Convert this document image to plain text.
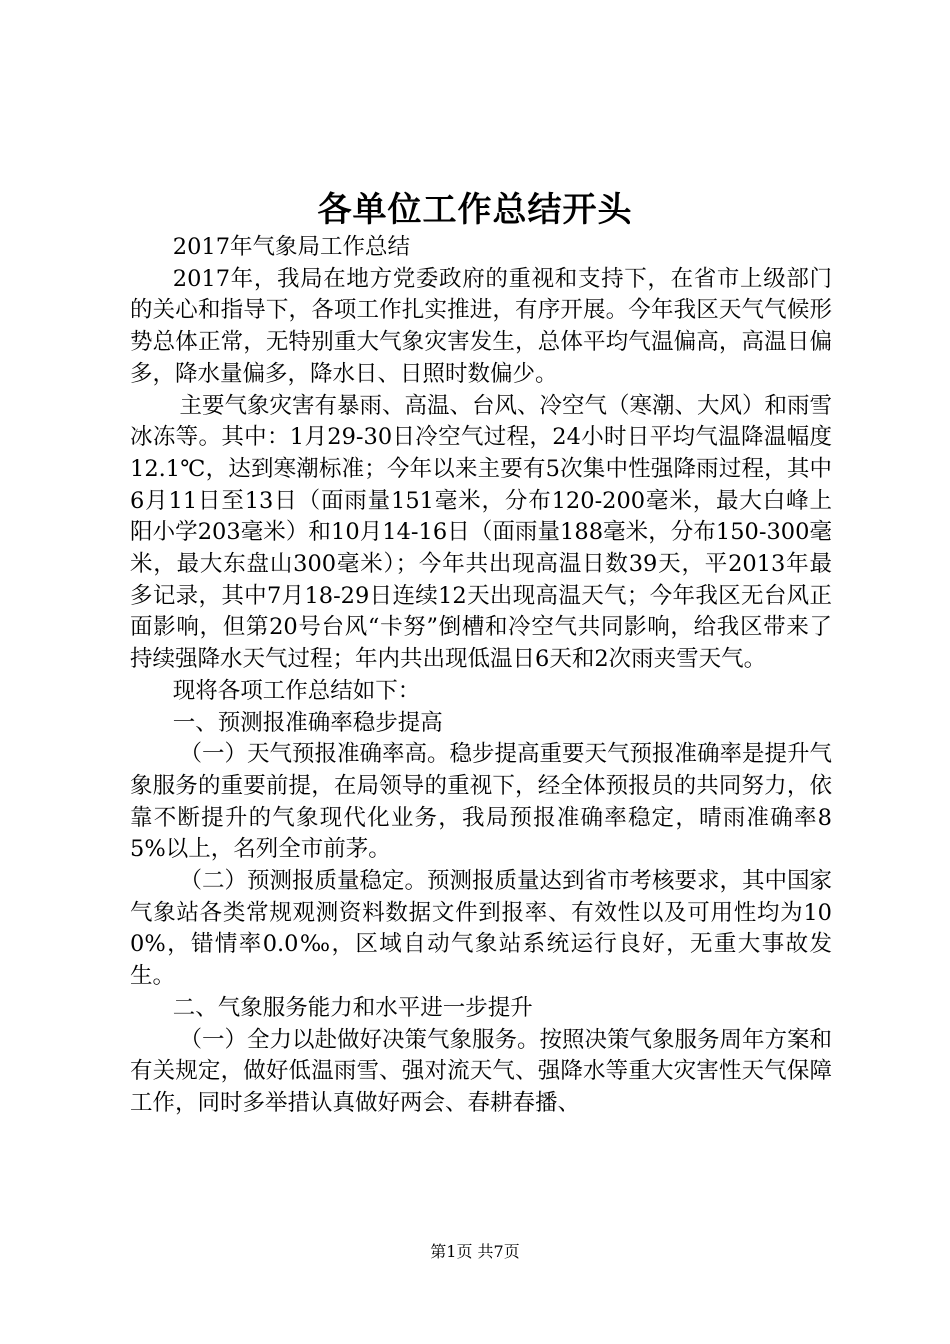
各单位工作总结开头

2017年气象局工作总结

2017年，我局在地方党委政府的重视和支持下，在省市上级部门的关心和指导下，各项工作扎实推进，有序开展。今年我区天气气候形势总体正常，无特别重大气象灾害发生，总体平均气温偏高，高温日偏多，降水量偏多，降水日、日照时数偏少。

主要气象灾害有暴雨、高温、台风、冷空气（寒潮、大风）和雨雪冰冻等。其中：1月29-30日冷空气过程，24小时日平均气温降温幅度12.1℃，达到寒潮标准；今年以来主要有5次集中性强降雨过程，其中6月11日至13日（面雨量151毫米，分布120-200毫米，最大白峰上阳小学203毫米）和10月14-16日（面雨量188毫米，分布150-300毫米，最大东盘山300毫米）；今年共出现高温日数39天，平2013年最多记录，其中7月18-29日连续12天出现高温天气；今年我区无台风正面影响，但第20号台风“卡努”倒槽和冷空气共同影响，给我区带来了持续强降水天气过程；年内共出现低温日6天和2次雨夹雪天气。

现将各项工作总结如下：

一、预测报准确率稳步提高

（一）天气预报准确率高。稳步提高重要天气预报准确率是提升气象服务的重要前提，在局领导的重视下，经全体预报员的共同努力，依靠不断提升的气象现代化业务，我局预报准确率稳定，晴雨准确率85%以上，名列全市前茅。

（二）预测报质量稳定。预测报质量达到省市考核要求，其中国家气象站各类常规观测资料数据文件到报率、有效性以及可用性均为100%，错情率0.0‰，区域自动气象站系统运行良好，无重大事故发生。

二、气象服务能力和水平进一步提升

（一）全力以赴做好决策气象服务。按照决策气象服务周年方案和有关规定，做好低温雨雪、强对流天气、强降水等重大灾害性天气保障工作，同时多举措认真做好两会、春耕春播、

第1页 共7页
